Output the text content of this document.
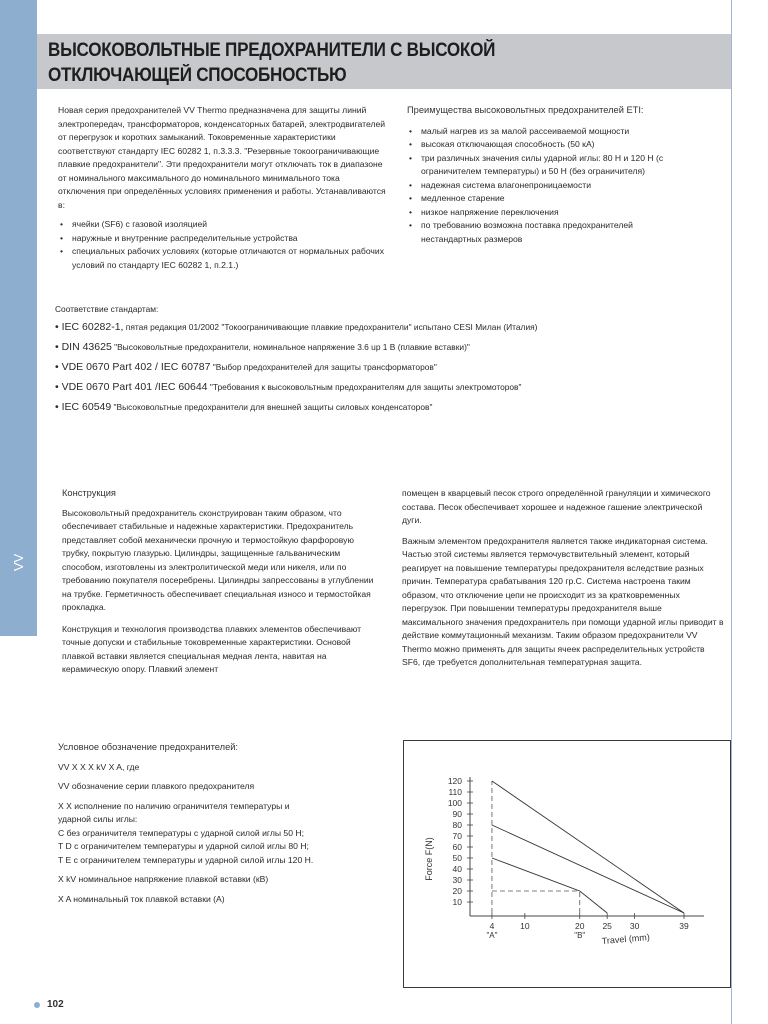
VV
ВЫСОКОВОЛЬТНЫЕ ПРЕДОХРАНИТЕЛИ С ВЫСОКОЙ
ОТКЛЮЧАЮЩЕЙ СПОСОБНОСТЬЮ

Новая серия предохранителей VV Thermo предназначена для защиты линий электропередач, трансформаторов, конденсаторных батарей, электродвигателей от перегрузок и коротких замыканий. Токовременные характеристики соответствуют стандарту IEC 60282 1, п.3.3.3. "Резервные токоограничивающие плавкие предохранители". Эти предохранители могут отключать ток в диапазоне от номинального максимального до номинального минимального тока отключения при определённых условиях применения и работы. Устанавливаются в:

• ячейки (SF6) с газовой изоляцией
• наружные и внутренние распределительные устройства
• специальных рабочих условиях (которые отличаются от нормальных рабочих условий по стандарту IEC 60282 1, п.2.1.)

Преимущества высоковольтных предохранителей ETI:

• малый нагрев из за малой рассеиваемой мощности
• высокая отключающая способность (50 кА)
• три различных значения силы ударной иглы: 80 Н и 120 Н (с ограничителем температуры) и 50 Н (без ограничителя)
• надежная система влагонепроницаемости
• медленное старение
• низкое напряжение переключения
• по требованию возможна поставка предохранителей нестандартных размеров
Соответствие стандартам:
• IEC 60282-1, пятая редакция 01/2002 "Токоограничивающие плавкие предохранители" испытано CESI Милан (Италия)
• DIN 43625 "Высоковольтные предохранители, номинальное напряжение 3.6 up 1 В (плавкие вставки)"
• VDE 0670 Part 402 / IEC 60787 "Выбор предохранителей для защиты трансформаторов"
• VDE 0670 Part 401 /IEC 60644 "Требования к высоковольтным предохранителям для защиты электромоторов"
• IEC 60549 "Высоковольтные предохранители для внешней защиты силовых конденсаторов"

Конструкция

Высоковольтный предохранитель сконструирован таким образом, что обеспечивает стабильные и надежные характеристики. Предохранитель представляет собой механически прочную и термостойкую фарфоровую трубку, покрытую глазурью. Цилиндры, защищенные гальваническим способом, изготовлены из электролитической меди или никеля, или по требованию покупателя посеребрены. Цилиндры запрессованы в углублении на трубке. Герметичность обеспечивает специальная износо и термостойкая прокладка.

Конструкция и технология производства плавких элементов обеспечивают точные допуски и стабильные токовременные характеристики. Основой плавкой вставки является специальная медная лента, навитая на керамическую опору. Плавкий элемент

помещен в кварцевый песок строго определённой грануляции и химического состава. Песок обеспечивает хорошее и надежное гашение электрической дуги.

Важным элементом предохранителя является также индикаторная система. Частью этой системы является термочувствительный элемент, который реагирует на повышение температуры предохранителя вследствие разных причин. Температура срабатывания 120 гр.С. Система настроена таким образом, что отключение цепи не происходит из за кратковременных перегрузок. При повышении температуры предохранителя выше максимального значения предохранитель при помощи ударной иглы приводит в действие коммутационный механизм. Таким образом предохранители VV Thermo можно применять для защиты ячеек распределительных устройств SF6, где требуется дополнительная температурная защита.

Условное обозначение предохранителей:

VV X X X kV X A, где

VV обозначение серии плавкого предохранителя

X X исполнение по наличию ограничителя температуры и

ударной силы иглы:

C без ограничителя температуры с ударной силой иглы 50 Н;

T D с ограничителем температуры и ударной силой иглы 80 Н;

T E с ограничителем температуры и ударной силой иглы 120 Н.

X kV номинальное напряжение плавкой вставки (кВ)

X A номинальный ток плавкой вставки (А)

120
110
100
90
80
70
60
50
40
30
20
10
4	10	20 25 30	39
"A"	"B"
Force F(N)
Travel (mm)
102
